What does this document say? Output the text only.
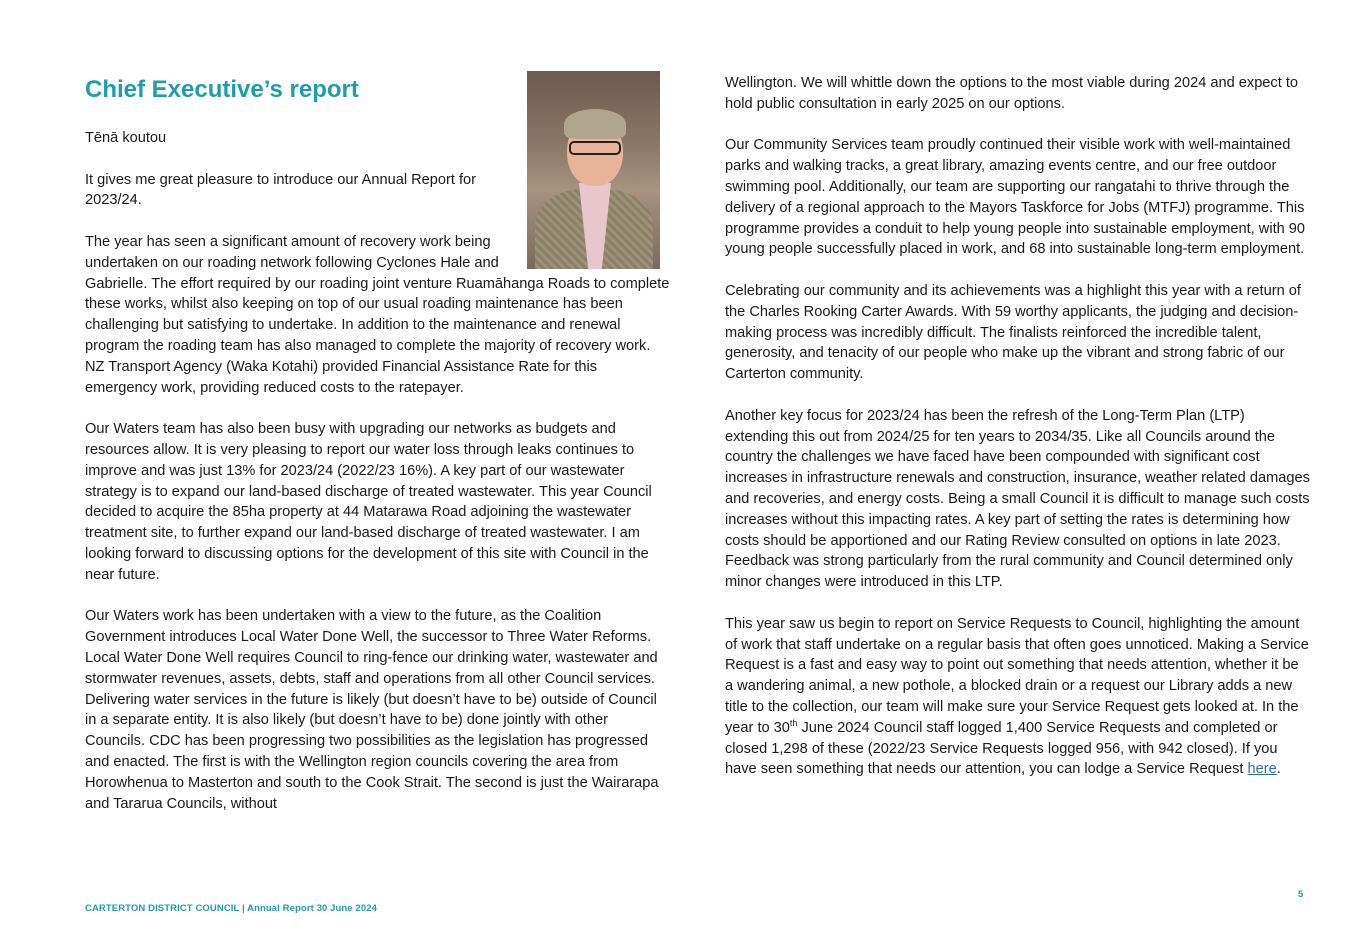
Chief Executive’s report

Tēnā koutou

It gives me great pleasure to introduce our Annual Report for 2023/24.

The year has seen a significant amount of recovery work being undertaken on our roading network following Cyclones Hale and Gabrielle. The effort required by our roading joint venture Ruamāhanga Roads to complete these works, whilst also keeping on top of our usual roading maintenance has been challenging but satisfying to undertake. In addition to the maintenance and renewal program the roading team has also managed to complete the majority of recovery work. NZ Transport Agency (Waka Kotahi) provided Financial Assistance Rate for this emergency work, providing reduced costs to the ratepayer.

Our Waters team has also been busy with upgrading our networks as budgets and resources allow. It is very pleasing to report our water loss through leaks continues to improve and was just 13% for 2023/24 (2022/23 16%). A key part of our wastewater strategy is to expand our land-based discharge of treated wastewater. This year Council decided to acquire the 85ha property at 44 Matarawa Road adjoining the wastewater treatment site, to further expand our land-based discharge of treated wastewater. I am looking forward to discussing options for the development of this site with Council in the near future.

Our Waters work has been undertaken with a view to the future, as the Coalition Government introduces Local Water Done Well, the successor to Three Water Reforms. Local Water Done Well requires Council to ring-fence our drinking water, wastewater and stormwater revenues, assets, debts, staff and operations from all other Council services. Delivering water services in the future is likely (but doesn’t have to be) outside of Council in a separate entity. It is also likely (but doesn’t have to be) done jointly with other Councils. CDC has been progressing two possibilities as the legislation has progressed and enacted. The first is with the Wellington region councils covering the area from Horowhenua to Masterton and south to the Cook Strait. The second is just the Wairarapa and Tararua Councils, without

Wellington. We will whittle down the options to the most viable during 2024 and expect to hold public consultation in early 2025 on our options.

Our Community Services team proudly continued their visible work with well-maintained parks and walking tracks, a great library, amazing events centre, and our free outdoor swimming pool. Additionally, our team are supporting our rangatahi to thrive through the delivery of a regional approach to the Mayors Taskforce for Jobs (MTFJ) programme. This programme provides a conduit to help young people into sustainable employment, with 90 young people successfully placed in work, and 68 into sustainable long-term employment.

Celebrating our community and its achievements was a highlight this year with a return of the Charles Rooking Carter Awards. With 59 worthy applicants, the judging and decision-making process was incredibly difficult. The finalists reinforced the incredible talent, generosity, and tenacity of our people who make up the vibrant and strong fabric of our Carterton community.

Another key focus for 2023/24 has been the refresh of the Long-Term Plan (LTP) extending this out from 2024/25 for ten years to 2034/35. Like all Councils around the country the challenges we have faced have been compounded with significant cost increases in infrastructure renewals and construction, insurance, weather related damages and recoveries, and energy costs. Being a small Council it is difficult to manage such costs increases without this impacting rates. A key part of setting the rates is determining how costs should be apportioned and our Rating Review consulted on options in late 2023. Feedback was strong particularly from the rural community and Council determined only minor changes were introduced in this LTP.

This year saw us begin to report on Service Requests to Council, highlighting the amount of work that staff undertake on a regular basis that often goes unnoticed. Making a Service Request is a fast and easy way to point out something that needs attention, whether it be a wandering animal, a new pothole, a blocked drain or a request our Library adds a new title to the collection, our team will make sure your Service Request gets looked at. In the year to 30th June 2024 Council staff logged 1,400 Service Requests and completed or closed 1,298 of these (2022/23 Service Requests logged 956, with 942 closed). If you have seen something that needs our attention, you can lodge a Service Request here.

CARTERTON DISTRICT COUNCIL | Annual Report 30 June 2024
5
